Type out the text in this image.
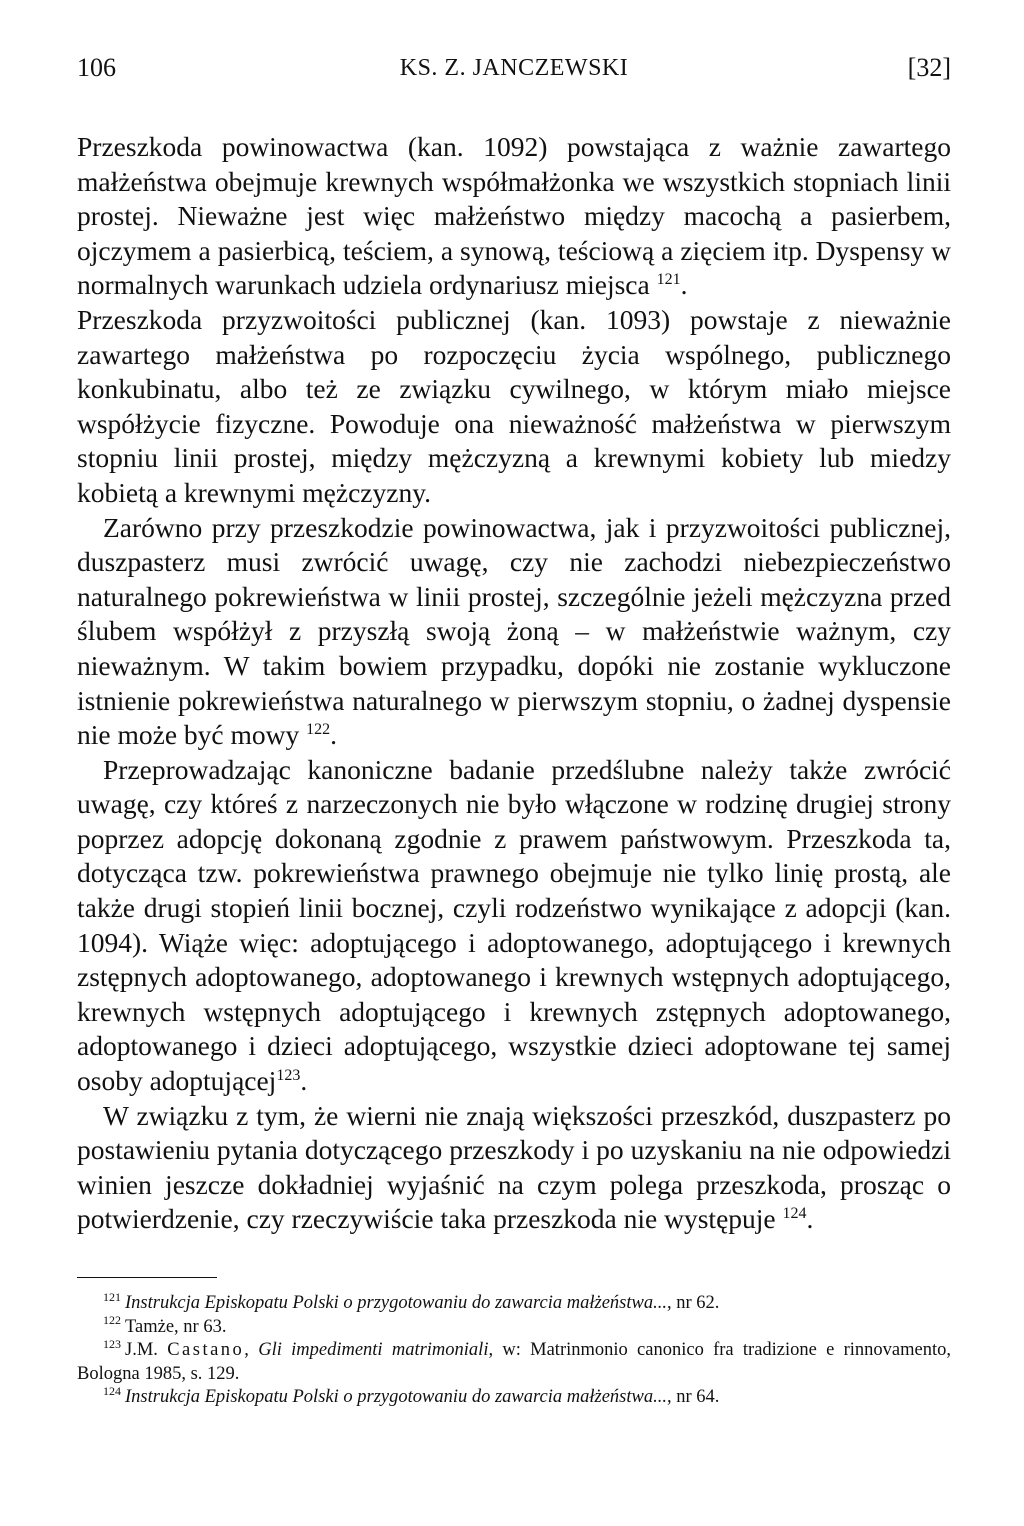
106	KS. Z. JANCZEWSKI	[32]

Przeszkoda powinowactwa (kan. 1092) powstająca z ważnie zawartego małżeństwa obejmuje krewnych współmałżonka we wszystkich stopniach linii prostej. Nieważne jest więc małżeństwo między macochą a pasierbem, ojczymem a pasierbicą, teściem, a synową, teściową a zięciem itp. Dyspensy w normalnych warunkach udziela ordynariusz miejsca $^{121}$.

Przeszkoda przyzwoitości publicznej (kan. 1093) powstaje z nieważnie zawartego małżeństwa po rozpoczęciu życia wspólnego, publicznego konkubinatu, albo też ze związku cywilnego, w którym miało miejsce współżycie fizyczne. Powoduje ona nieważność małżeństwa w pierwszym stopniu linii prostej, między mężczyzną a krewnymi kobiety lub miedzy kobietą a krewnymi mężczyzny.

Zarówno przy przeszkodzie powinowactwa, jak i przyzwoitości publicznej, duszpasterz musi zwrócić uwagę, czy nie zachodzi niebezpieczeństwo naturalnego pokrewieństwa w linii prostej, szczególnie jeżeli mężczyzna przed ślubem współżył z przyszłą swoją żoną – w małżeństwie ważnym, czy nieważnym. W takim bowiem przypadku, dopóki nie zostanie wykluczone istnienie pokrewieństwa naturalnego w pierwszym stopniu, o żadnej dyspensie nie może być mowy $^{122}$.

Przeprowadzając kanoniczne badanie przedślubne należy także zwrócić uwagę, czy któreś z narzeczonych nie było włączone w rodzinę drugiej strony poprzez adopcję dokonaną zgodnie z prawem państwowym. Przeszkoda ta, dotycząca tzw. pokrewieństwa prawnego obejmuje nie tylko linię prostą, ale także drugi stopień linii bocznej, czyli rodzeństwo wynikające z adopcji (kan. 1094). Wiąże więc: adoptującego i adoptowanego, adoptującego i krewnych zstępnych adoptowanego, adoptowanego i krewnych wstępnych adoptującego, krewnych wstępnych adoptującego i krewnych zstępnych adoptowanego, adoptowanego i dzieci adoptującego, wszystkie dzieci adoptowane tej samej osoby adoptującej$^{123}$.

W związku z tym, że wierni nie znają większości przeszkód, duszpasterz po postawieniu pytania dotyczącego przeszkody i po uzyskaniu na nie odpowiedzi winien jeszcze dokładniej wyjaśnić na czym polega przeszkoda, prosząc o potwierdzenie, czy rzeczywiście taka przeszkoda nie występuje $^{124}$.

$^{121}$ Instrukcja Episkopatu Polski o przygotowaniu do zawarcia małżeństwa..., nr 62.

$^{122}$ Tamże, nr 63.

$^{123}$ J.M. Castano, Gli impedimenti matrimoniali, w: Matrinmonio canonico fra tradizione e rinnovamento, Bologna 1985, s. 129.

$^{124}$ Instrukcja Episkopatu Polski o przygotowaniu do zawarcia małżeństwa..., nr 64.
